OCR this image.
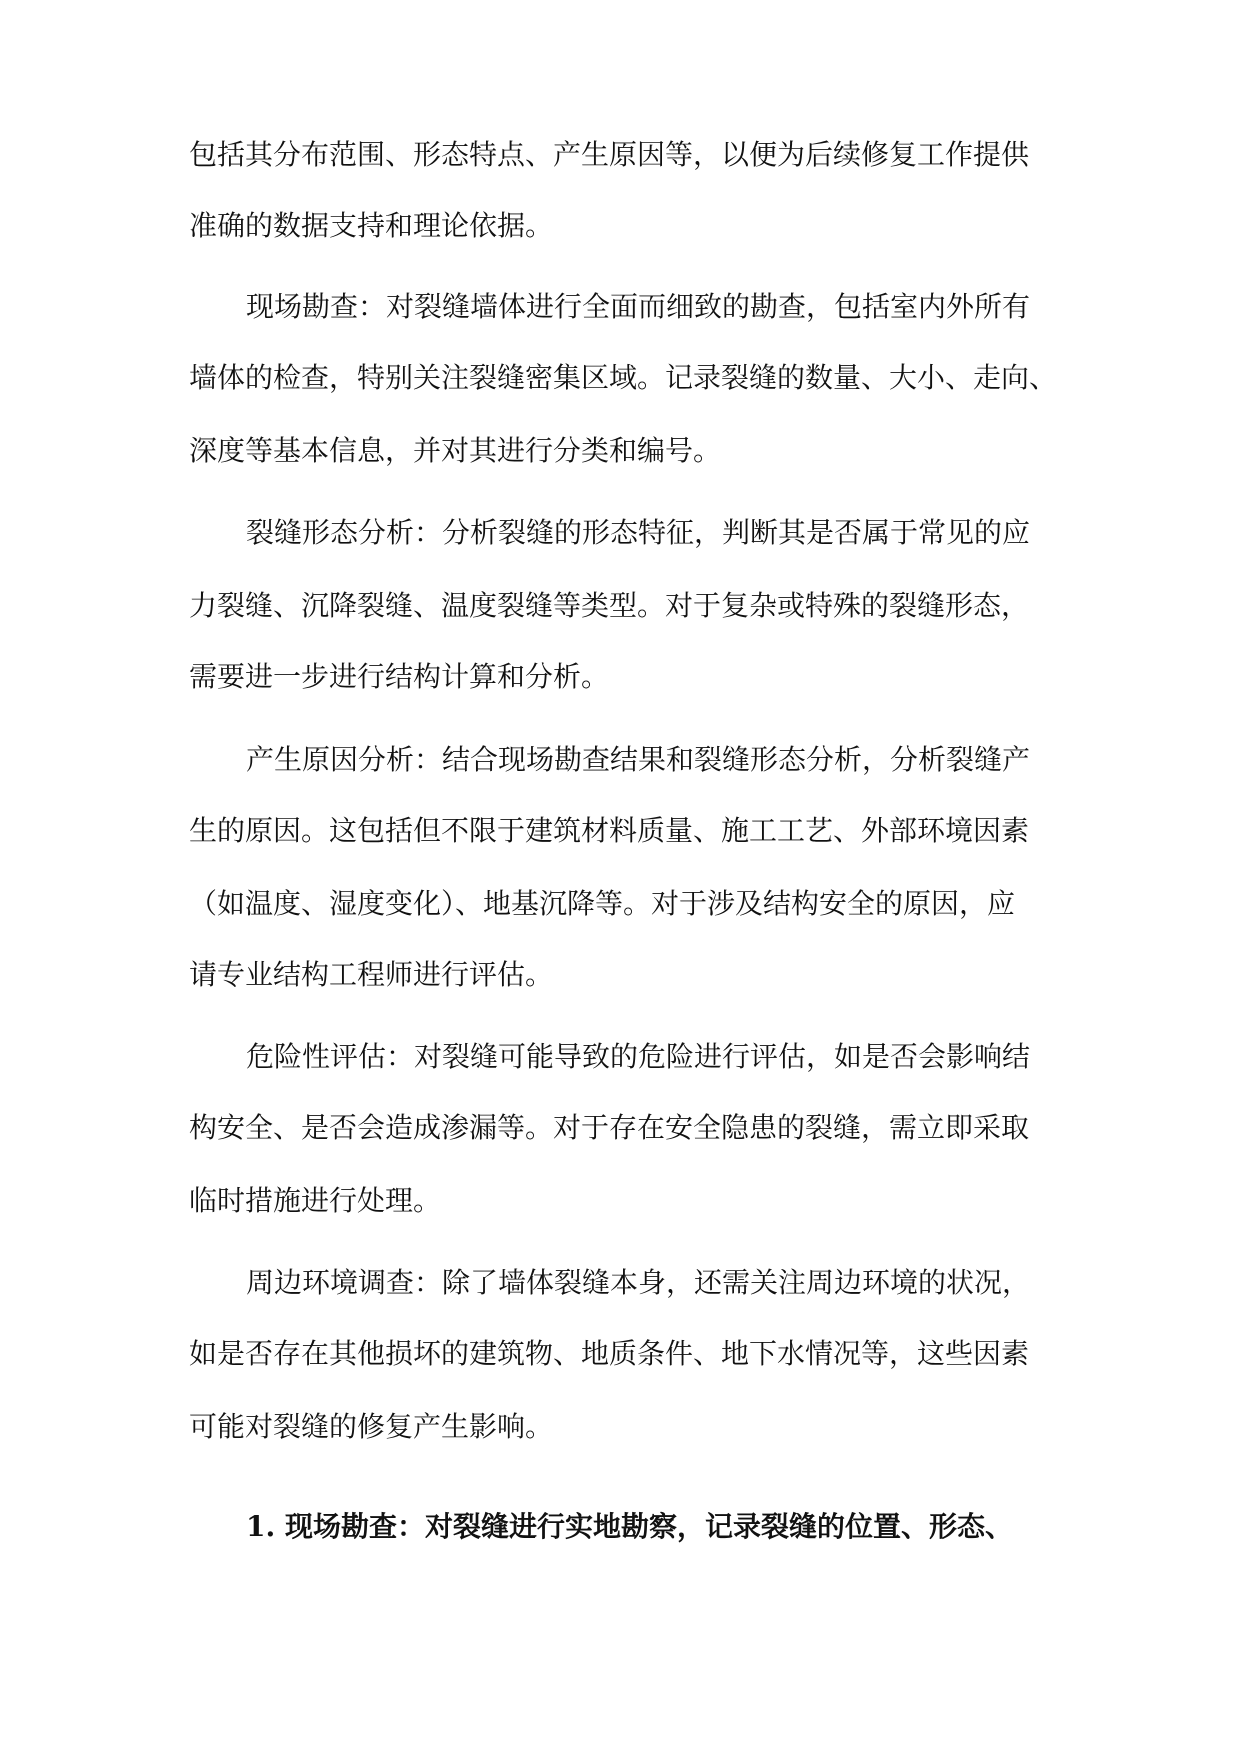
包括其分布范围、形态特点、产生原因等，以便为后续修复工作提供
准确的数据支持和理论依据。
现场勘查：对裂缝墙体进行全面而细致的勘查，包括室内外所有
墙体的检查，特别关注裂缝密集区域。记录裂缝的数量、大小、走向、
深度等基本信息，并对其进行分类和编号。
裂缝形态分析：分析裂缝的形态特征，判断其是否属于常见的应
力裂缝、沉降裂缝、温度裂缝等类型。对于复杂或特殊的裂缝形态，
需要进一步进行结构计算和分析。
产生原因分析：结合现场勘查结果和裂缝形态分析，分析裂缝产
生的原因。这包括但不限于建筑材料质量、施工工艺、外部环境因素
（如温度、湿度变化）、地基沉降等。对于涉及结构安全的原因，应
请专业结构工程师进行评估。
危险性评估：对裂缝可能导致的危险进行评估，如是否会影响结
构安全、是否会造成渗漏等。对于存在安全隐患的裂缝，需立即采取
临时措施进行处理。
周边环境调查：除了墙体裂缝本身，还需关注周边环境的状况，
如是否存在其他损坏的建筑物、地质条件、地下水情况等，这些因素
可能对裂缝的修复产生影响。
1. 现场勘查：对裂缝进行实地勘察，记录裂缝的位置、形态、
